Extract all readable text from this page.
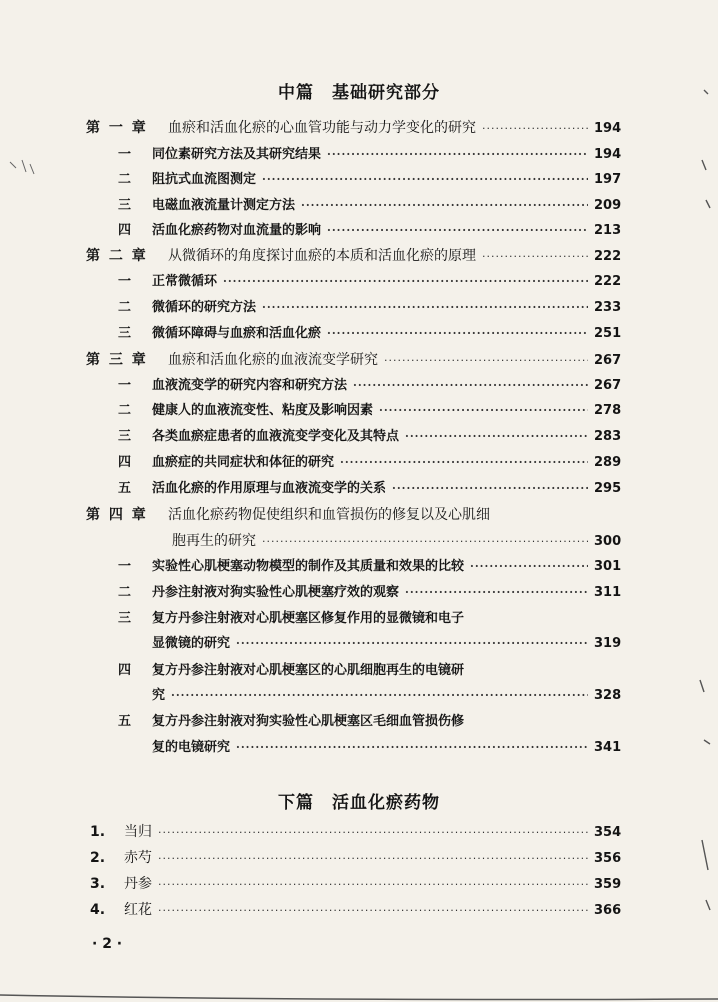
中篇 基础研究部分
第 一 章	血瘀和活血化瘀的心血管功能与动力学变化的研究 ·····	194
一	同位素研究方法及其研究结果 ·····	194
二	阻抗式血流图测定 ·····	197
三	电磁血液流量计测定方法 ·····	209
四	活血化瘀药物对血流量的影响 ·····	213
第 二 章	从微循环的角度探讨血瘀的本质和活血化瘀的原理 ·····	222
一	正常微循环 ·····	222
二	微循环的研究方法 ·····	233
三	微循环障碍与血瘀和活血化瘀 ·····	251
第 三 章	血瘀和活血化瘀的血液流变学研究 ·····	267
一	血液流变学的研究内容和研究方法 ·····	267
二	健康人的血液流变性、粘度及影响因素 ·····	278
三	各类血瘀症患者的血液流变学变化及其特点 ·····	283
四	血瘀症的共同症状和体征的研究 ·····	289
五	活血化瘀的作用原理与血液流变学的关系 ·····	295
第 四 章	活血化瘀药物促使组织和血管损伤的修复以及心肌细
胞再生的研究 ·····	300
一	实验性心肌梗塞动物模型的制作及其质量和效果的比较 ·····	301
二	丹参注射液对狗实验性心肌梗塞疗效的观察 ·····	311
三	复方丹参注射液对心肌梗塞区修复作用的显微镜和电子
显微镜的研究 ·····	319
四	复方丹参注射液对心肌梗塞区的心肌细胞再生的电镜研
究 ·····	328
五	复方丹参注射液对狗实验性心肌梗塞区毛细血管损伤修
复的电镜研究 ·····	341
下篇 活血化瘀药物
1.	当归 ·····	354
2.	赤芍 ·····	356
3.	丹参 ·····	359
4.	红花 ·····	366
· 2 ·
